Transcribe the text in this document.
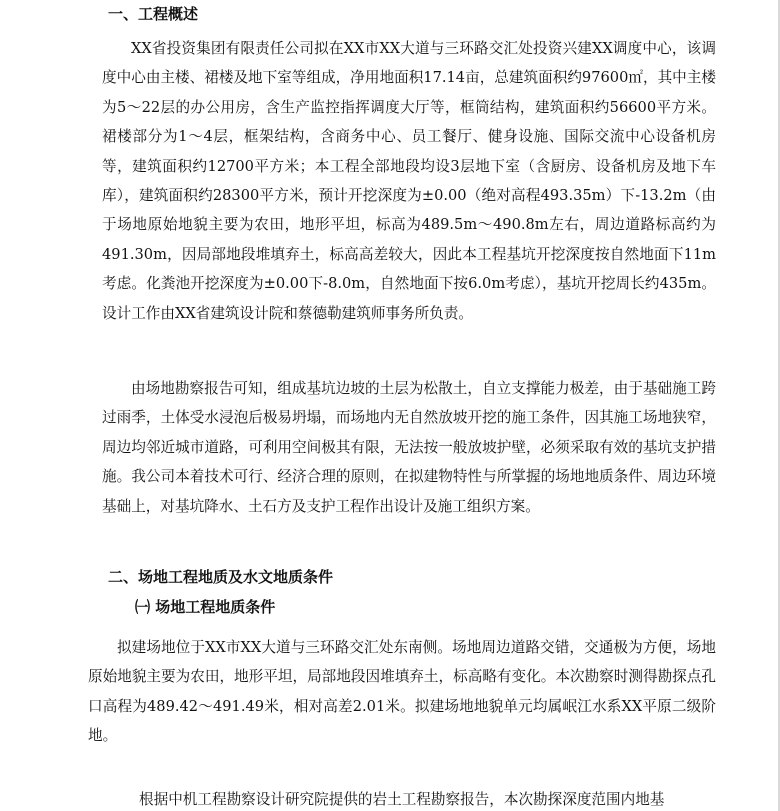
一、工程概述

XX省投资集团有限责任公司拟在XX市XX大道与三环路交汇处投资兴建XX调度中心，该调度中心由主楼、裙楼及地下室等组成，净用地面积17.14亩，总建筑面积约97600㎡，其中主楼为5～22层的办公用房，含生产监控指挥调度大厅等，框筒结构，建筑面积约56600平方米。裙楼部分为1～4层，框架结构，含商务中心、员工餐厅、健身设施、国际交流中心设备机房等，建筑面积约12700平方米；本工程全部地段均设3层地下室（含厨房、设备机房及地下车库），建筑面积约28300平方米，预计开挖深度为±0.00（绝对高程493.35m）下-13.2m（由于场地原始地貌主要为农田，地形平坦，标高为489.5m～490.8m左右，周边道路标高约为491.30m，因局部地段堆填弃土，标高高差较大，因此本工程基坑开挖深度按自然地面下11m考虑。化粪池开挖深度为±0.00下-8.0m，自然地面下按6.0m考虑），基坑开挖周长约435m。设计工作由XX省建筑设计院和蔡德勒建筑师事务所负责。

由场地勘察报告可知，组成基坑边坡的土层为松散土，自立支撑能力极差，由于基础施工跨过雨季，土体受水浸泡后极易坍塌，而场地内无自然放坡开挖的施工条件，因其施工场地狭窄，周边均邻近城市道路，可利用空间极其有限，无法按一般放坡护壁，必须采取有效的基坑支护措施。我公司本着技术可行、经济合理的原则，在拟建物特性与所掌握的场地地质条件、周边环境基础上，对基坑降水、土石方及支护工程作出设计及施工组织方案。

二、场地工程地质及水文地质条件
㈠ 场地工程地质条件

拟建场地位于XX市XX大道与三环路交汇处东南侧。场地周边道路交错，交通极为方便，场地原始地貌主要为农田，地形平坦，局部地段因堆填弃土，标高略有变化。本次勘察时测得勘探点孔口高程为489.42～491.49米，相对高差2.01米。拟建场地地貌单元均属岷江水系XX平原二级阶地。

根据中机工程勘察设计研究院提供的岩土工程勘察报告，本次勘探深度范围内地基
